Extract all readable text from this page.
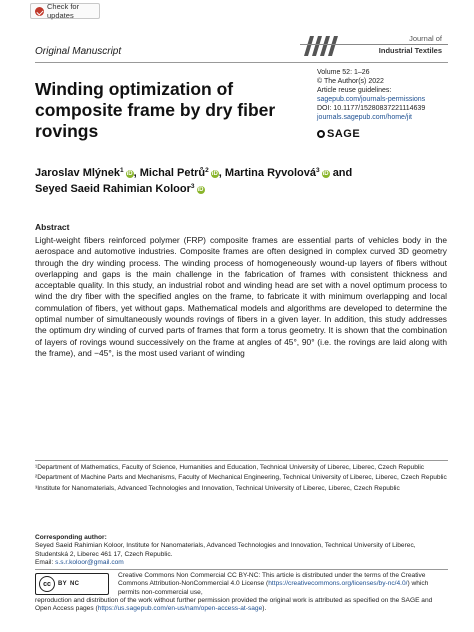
Check for updates
Original Manuscript
Journal of
Industrial Textiles
Winding optimization of composite frame by dry fiber rovings
Volume 52: 1–26
© The Author(s) 2022
Article reuse guidelines:
sagepub.com/journals-permissions
DOI: 10.1177/15280837221114639
journals.sagepub.com/home/jit
SAGE
Jaroslav Mlýnek$^1$ iD, Michal Petrů$^2$ iD, Martina Ryvolová$^3$ iD and
Seyed Saeid Rahimian Koloor$^3$ iD
Abstract
Light-weight fibers reinforced polymer (FRP) composite frames are essential parts of vehicles body in the aerospace and automotive industries. Composite frames are often designed in complex curved 3D geometry through the dry winding process. The winding process of homogeneously wound-up layers of fibers without overlapping and gaps is the main challenge in the fabrication of frames with consistent thickness and acceptable quality. In this study, an industrial robot and winding head are set with a novel optimum process to wind the dry fiber with the specified angles on the frame, to fabricate it with minimum overlapping and local commulation of fibers, yet without gaps. Mathematical models and algorithms are developed to determine the optimal number of simultaneously wounds rovings of fibers in a given layer. In addition, this study addresses the optimum dry winding of curved parts of frames that form a torus geometry. It is shown that the combination of layers of rovings wound successively on the frame at angles of 45°, 90° (i.e. the rovings are laid along with the frame), and −45°, is the most used variant of winding

¹Department of Mathematics, Faculty of Science, Humanities and Education, Technical University of Liberec, Liberec, Czech Republic

²Department of Machine Parts and Mechanisms, Faculty of Mechanical Engineering, Technical University of Liberec, Liberec, Czech Republic

³Institute for Nanomaterials, Advanced Technologies and Innovation, Technical University of Liberec, Liberec, Czech Republic

Corresponding author:
Seyed Saeid Rahimian Koloor, Institute for Nanomaterials, Advanced Technologies and Innovation, Technical University of Liberec, Studentská 2, Liberec 461 17, Czech Republic.
Email: s.s.r.koloor@gmail.com
cc	BY NC
Creative Commons Non Commercial CC BY-NC: This article is distributed under the terms of the Creative Commons Attribution-NonCommercial 4.0 License (https://creativecommons.org/licenses/by-nc/4.0/) which permits non-commercial use,
reproduction and distribution of the work without further permission provided the original work is attributed as specified on the SAGE and Open Access pages (https://us.sagepub.com/en-us/nam/open-access-at-sage).
